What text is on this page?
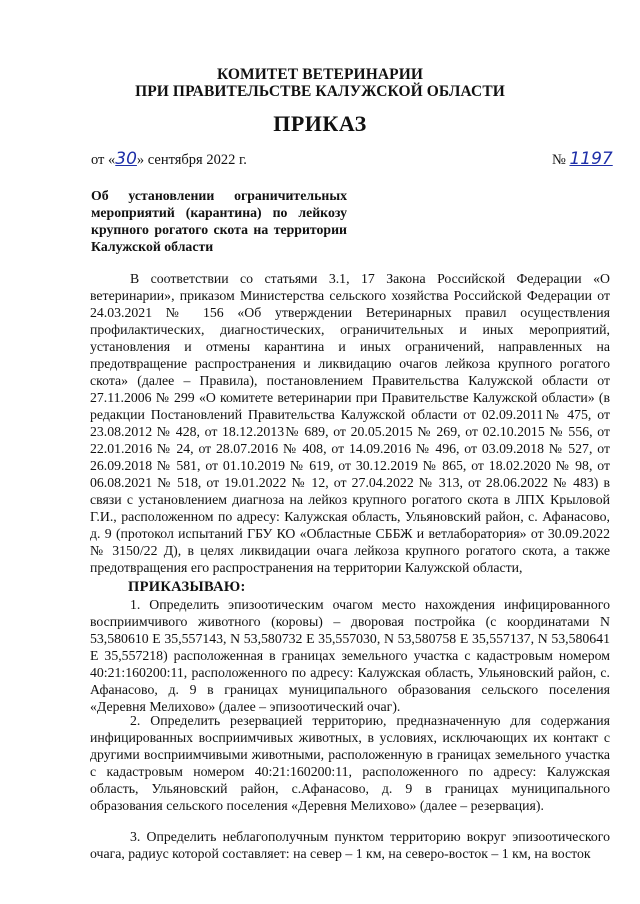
КОМИТЕТ ВЕТЕРИНАРИИ
ПРИ ПРАВИТЕЛЬСТВЕ КАЛУЖСКОЙ ОБЛАСТИ
ПРИКАЗ
от «30» сентября 2022 г.	№ 1197
Об установлении ограничительных мероприятий (карантина) по лейкозу крупного рогатого скота на территории Калужской области
В соответствии со статьями 3.1, 17 Закона Российской Федерации «О ветеринарии», приказом Министерства сельского хозяйства Российской Федерации от 24.03.2021 № 156 «Об утверждении Ветеринарных правил осуществления профилактических, диагностических, ограничительных и иных мероприятий, установления и отмены карантина и иных ограничений, направленных на предотвращение распространения и ликвидацию очагов лейкоза крупного рогатого скота» (далее – Правила), постановлением Правительства Калужской области от 27.11.2006 № 299 «О комитете ветеринарии при Правительстве Калужской области» (в редакции Постановлений Правительства Калужской области от 02.09.2011№ 475, от 23.08.2012 № 428, от 18.12.2013№ 689, от 20.05.2015 № 269, от 02.10.2015 № 556, от 22.01.2016 № 24, от 28.07.2016 № 408, от 14.09.2016 № 496, от 03.09.2018 № 527, от 26.09.2018 № 581, от 01.10.2019 № 619, от 30.12.2019 № 865, от 18.02.2020 № 98, от 06.08.2021 № 518, от 19.01.2022 № 12, от 27.04.2022 № 313, от 28.06.2022 № 483) в связи с установлением диагноза на лейкоз крупного рогатого скота в ЛПХ Крыловой Г.И., расположенном по адресу: Калужская область, Ульяновский район, с. Афанасово, д. 9 (протокол испытаний ГБУ КО «Областные СББЖ и ветлаборатория» от 30.09.2022 № 3150/22 Д), в целях ликвидации очага лейкоза крупного рогатого скота, а также предотвращения его распространения на территории Калужской области,
ПРИКАЗЫВАЮ:
1. Определить эпизоотическим очагом место нахождения инфицированного восприимчивого животного (коровы) – дворовая постройка (с координатами N 53,580610 E 35,557143, N 53,580732 E 35,557030, N 53,580758 E 35,557137, N 53,580641 E 35,557218) расположенная в границах земельного участка с кадастровым номером 40:21:160200:11, расположенного по адресу: Калужская область, Ульяновский район, с. Афанасово, д. 9 в границах муниципального образования сельского поселения «Деревня Мелихово» (далее – эпизоотический очаг).
2. Определить резервацией территорию, предназначенную для содержания инфицированных восприимчивых животных, в условиях, исключающих их контакт с другими восприимчивыми животными, расположенную в границах земельного участка с кадастровым номером 40:21:160200:11, расположенного по адресу: Калужская область, Ульяновский район, с.Афанасово, д. 9 в границах муниципального образования сельского поселения «Деревня Мелихово» (далее – резервация).
3. Определить неблагополучным пунктом территорию вокруг эпизоотического очага, радиус которой составляет: на север – 1 км, на северо-восток – 1 км, на восток
